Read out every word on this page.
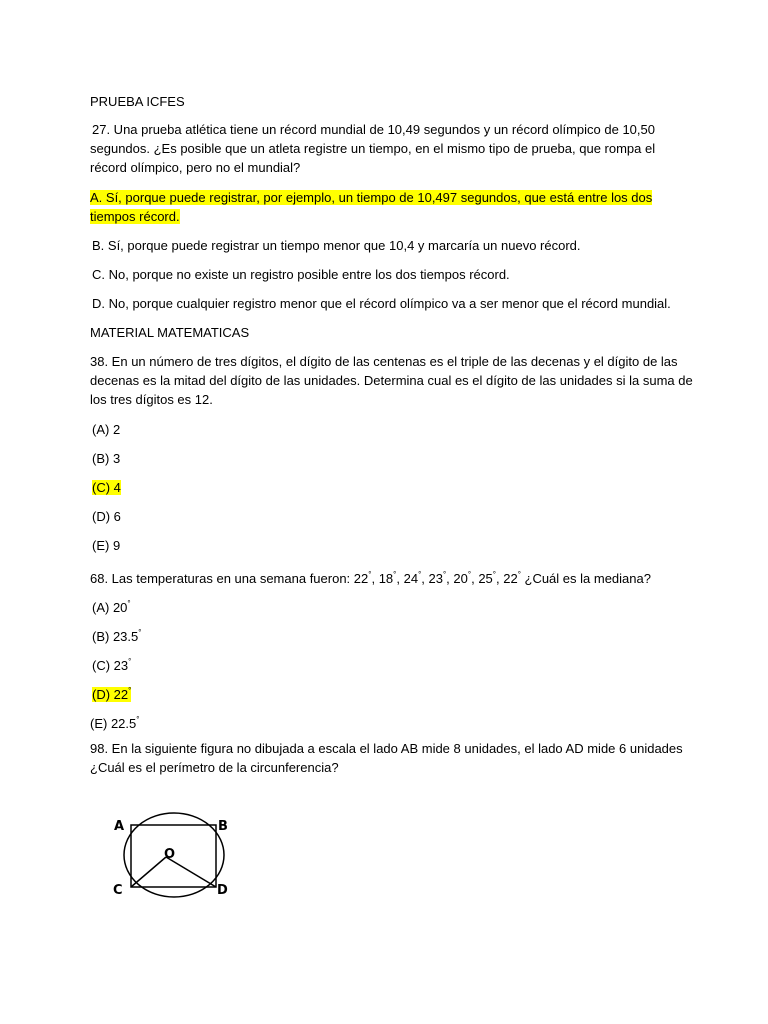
PRUEBA ICFES
27. Una prueba atlética tiene un récord mundial de 10,49 segundos y un récord olímpico de 10,50
segundos. ¿Es posible que un atleta registre un tiempo, en el mismo tipo de prueba, que rompa el
récord olímpico, pero no el mundial?
A. Sí, porque puede registrar, por ejemplo, un tiempo de 10,497 segundos, que está entre los dos
tiempos récord.
B. Sí, porque puede registrar un tiempo menor que 10,4 y marcaría un nuevo récord.
C. No, porque no existe un registro posible entre los dos tiempos récord.
D. No, porque cualquier registro menor que el récord olímpico va a ser menor que el récord mundial.
MATERIAL MATEMATICAS
38. En un número de tres dígitos, el dígito de las centenas es el triple de las decenas y el dígito de las
decenas es la mitad del dígito de las unidades. Determina cual es el dígito de las unidades si la suma de
los tres dígitos es 12.
(A) 2
(B) 3
(C) 4
(D) 6
(E) 9
68. Las temperaturas en una semana fueron: 22°, 18°, 24°, 23°, 20°, 25°, 22° ¿Cuál es la mediana?
(A) 20°
(B) 23.5°
(C) 23°
(D) 22°
(E) 22.5°
98. En la siguiente figura no dibujada a escala el lado AB mide 8 unidades, el lado AD mide 6 unidades
¿Cuál es el perímetro de la circunferencia?
A	B
C	D
O
